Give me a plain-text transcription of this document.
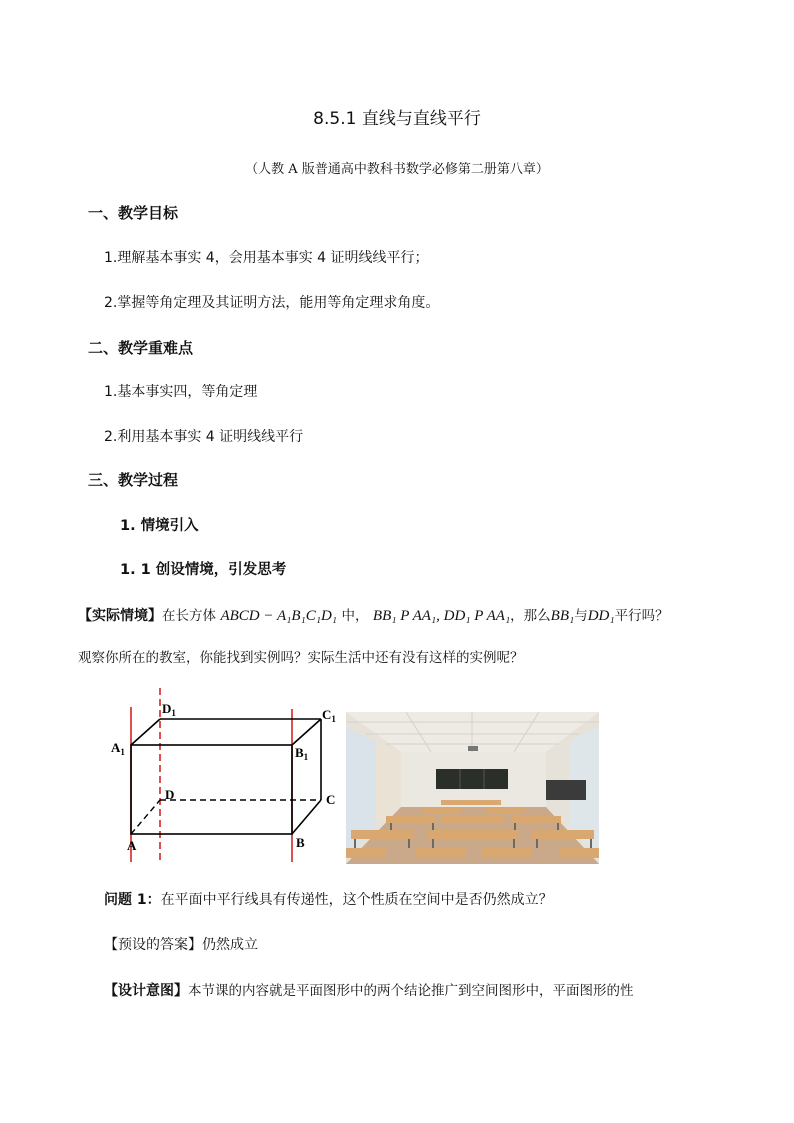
8.5.1 直线与直线平行
（人教 A 版普通高中教科书数学必修第二册第八章）
一、教学目标
1.理解基本事实 4，会用基本事实 4 证明线线平行；
2.掌握等角定理及其证明方法，能用等角定理求角度。
二、教学重难点
1.基本事实四，等角定理
2.利用基本事实 4 证明线线平行
三、教学过程
1. 情境引入
1. 1 创设情境，引发思考
【实际情境】在长方体 ABCD − A₁B₁C₁D₁ 中， BB₁ P AA₁, DD₁ P AA₁，那么BB₁与DD₁平行吗？
观察你所在的教室，你能找到实例吗？实际生活中还有没有这样的实例呢？
$D_1$	$C_1$
$A_1$	$B_1$
D	C
A	B
问题 1：在平面中平行线具有传递性，这个性质在空间中是否仍然成立？
【预设的答案】仍然成立
【设计意图】本节课的内容就是平面图形中的两个结论推广到空间图形中，平面图形的性
